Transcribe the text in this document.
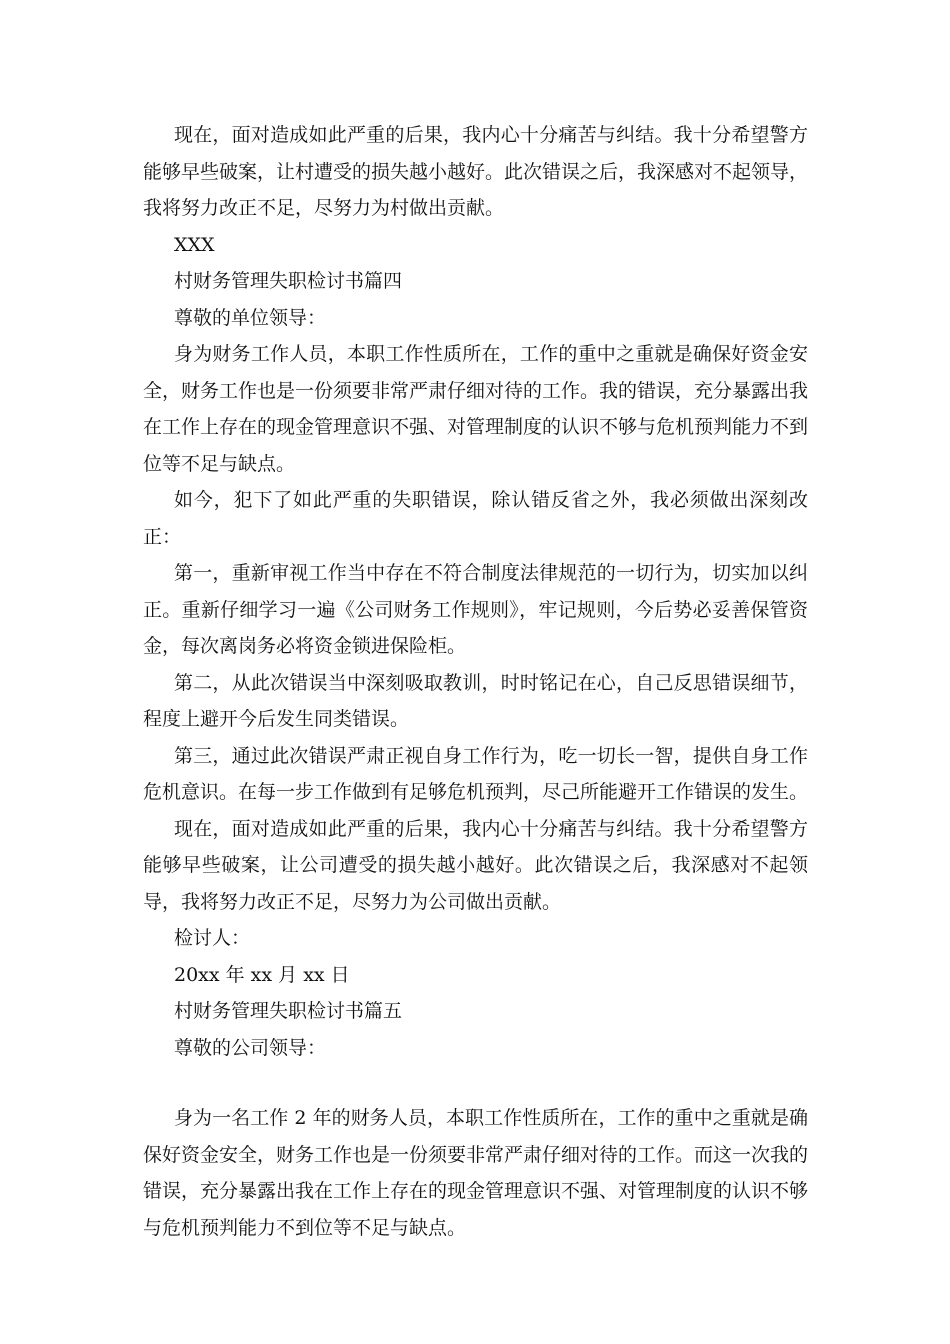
现在，面对造成如此严重的后果，我内心十分痛苦与纠结。我十分希望警方能够早些破案，让村遭受的损失越小越好。此次错误之后，我深感对不起领导，我将努力改正不足，尽努力为村做出贡献。

XXX

村财务管理失职检讨书篇四

尊敬的单位领导：

身为财务工作人员，本职工作性质所在，工作的重中之重就是确保好资金安全，财务工作也是一份须要非常严肃仔细对待的工作。我的错误，充分暴露出我在工作上存在的现金管理意识不强、对管理制度的认识不够与危机预判能力不到位等不足与缺点。

如今，犯下了如此严重的失职错误，除认错反省之外，我必须做出深刻改正：

第一，重新审视工作当中存在不符合制度法律规范的一切行为，切实加以纠正。重新仔细学习一遍《公司财务工作规则》，牢记规则，今后势必妥善保管资金，每次离岗务必将资金锁进保险柜。

第二，从此次错误当中深刻吸取教训，时时铭记在心，自己反思错误细节，程度上避开今后发生同类错误。

第三，通过此次错误严肃正视自身工作行为，吃一切长一智，提供自身工作危机意识。在每一步工作做到有足够危机预判，尽己所能避开工作错误的发生。

现在，面对造成如此严重的后果，我内心十分痛苦与纠结。我十分希望警方能够早些破案，让公司遭受的损失越小越好。此次错误之后，我深感对不起领导，我将努力改正不足，尽努力为公司做出贡献。

检讨人：

20xx 年 xx 月 xx 日

村财务管理失职检讨书篇五

尊敬的公司领导：

身为一名工作 2 年的财务人员，本职工作性质所在，工作的重中之重就是确保好资金安全，财务工作也是一份须要非常严肃仔细对待的工作。而这一次我的错误，充分暴露出我在工作上存在的现金管理意识不强、对管理制度的认识不够与危机预判能力不到位等不足与缺点。
